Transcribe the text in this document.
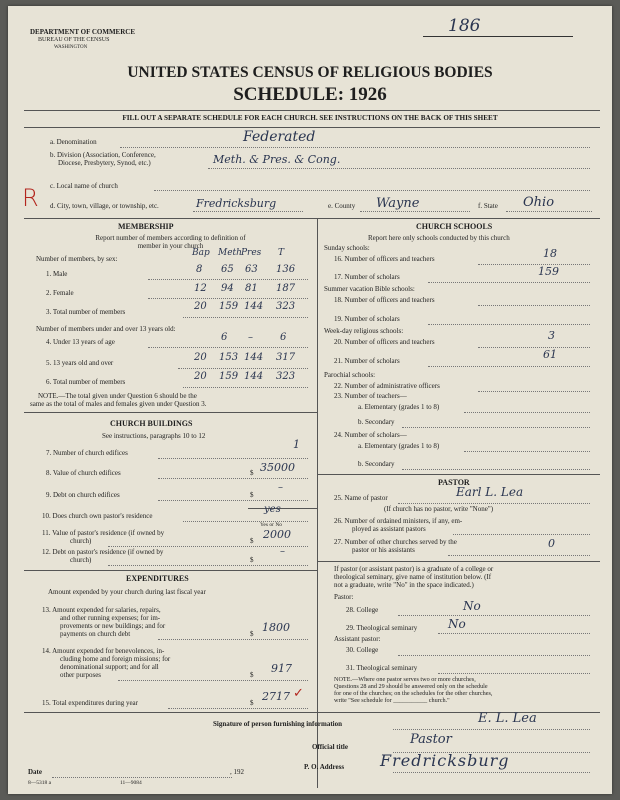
DEPARTMENT OF COMMERCE
BUREAU OF THE CENSUS
WASHINGTON
186
UNITED STATES CENSUS OF RELIGIOUS BODIES
SCHEDULE: 1926
FILL OUT A SEPARATE SCHEDULE FOR EACH CHURCH. SEE INSTRUCTIONS ON THE BACK OF THIS SHEET
a. Denomination	Federated
b. Division (Association, Conference,
Diocese, Presbytery, Synod, etc.)	Meth. & Pres. & Cong.
c. Local name of church
R d. City, town, village, or township, etc.	Fredricksburg	e. County Wayne	f. State Ohio
MEMBERSHIP
Report number of members according to definition of
member in your church
Number of members, by sex:
Bap Meth Pres T
1. Male	8 65 63 136
2. Female	12 94 81 187
3. Total number of members	20 159 144 323
Number of members under and over 13 years old:
4. Under 13 years of age	6 –	6
5. 13 years old and over	20 153 144 317
6. Total number of members	20 159 144 323
NOTE.—The total given under Question 6 should be the
same as the total of males and females given under Question 3.
CHURCH BUILDINGS
See instructions, paragraphs 10 to 12
7. Number of church edifices
1
8. Value of church edifices	$ 35000
9. Debt on church edifices	$
–
10. Does church own pastor's residence
yes
Yes or No
11. Value of pastor's residence (if owned by
church)	$ 2000
12. Debt on pastor's residence (if owned by
church)	$
–
EXPENDITURES
Amount expended by your church during last fiscal year
13. Amount expended for salaries, repairs,
and other running expenses; for im-
provements or new buildings; and for
payments on church debt	$ 1800
14. Amount expended for benevolences, in-
cluding home and foreign missions; for
denominational support; and for all
other purposes	$ 917
15. Total expenditures during year	$ 2717 ✓
CHURCH SCHOOLS
Report here only schools conducted by this church
Sunday schools:
16. Number of officers and teachers	18
17. Number of scholars	159
Summer vacation Bible schools:
18. Number of officers and teachers
19. Number of scholars
Week-day religious schools:
20. Number of officers and teachers	3
21. Number of scholars	61
Parochial schools:
22. Number of administrative officers
23. Number of teachers—
a. Elementary (grades 1 to 8)
b. Secondary
24. Number of scholars—
a. Elementary (grades 1 to 8)
b. Secondary
PASTOR
25. Name of pastor	Earl L. Lea
(If church has no pastor, write "None")
26. Number of ordained ministers, if any, em-
ployed as assistant pastors
27. Number of other churches served by the
pastor or his assistants	0
If pastor (or assistant pastor) is a graduate of a college or
theological seminary, give name of institution below. (If
not a graduate, write "No" in the space indicated.)
Pastor:
28. College	No
29. Theological seminary	No
Assistant pastor:
30. College
31. Theological seminary
NOTE.—Where one pastor serves two or more churches,
Questions 28 and 29 should be answered only on the schedule
for one of the churches; on the schedules for the other churches,
write "See schedule for ___________ church."
Signature of person furnishing information	E. L. Lea
Official title	Pastor
P. O. Address Fredricksburg
Date	, 192
8—5318 a	11—9084
